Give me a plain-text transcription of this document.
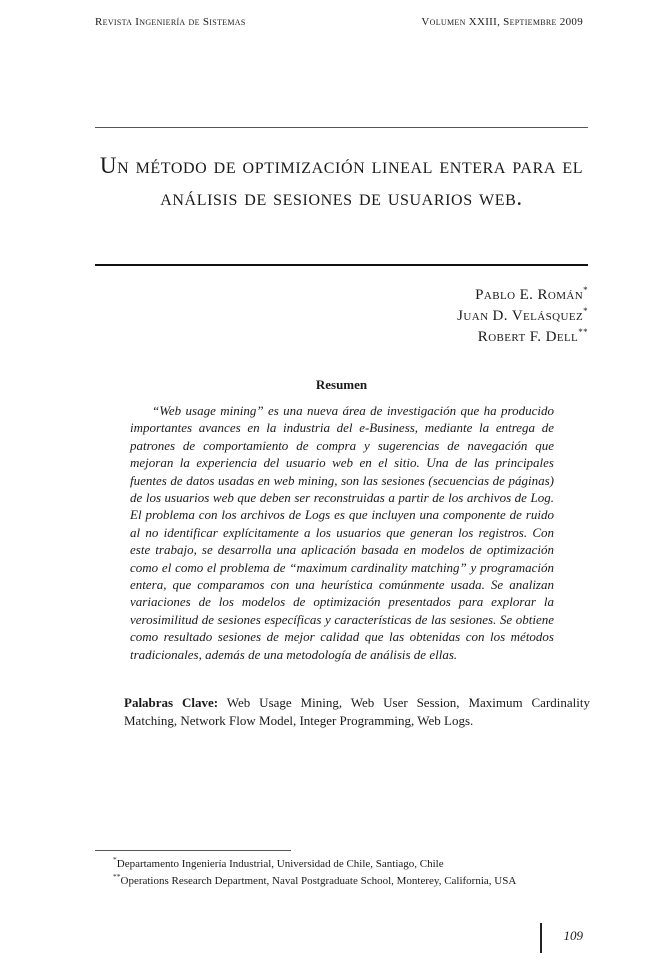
Revista Ingeniería de Sistemas	Volumen XXIII, Septiembre 2009
Un método de optimización lineal entera para el análisis de sesiones de usuarios web.
Pablo E. Román*
Juan D. Velásquez*
Robert F. Dell**
Resumen
“Web usage mining” es una nueva área de investigación que ha producido importantes avances en la industria del e-Business, mediante la entrega de patrones de comportamiento de compra y sugerencias de navegación que mejoran la experiencia del usuario web en el sitio. Una de las principales fuentes de datos usadas en web mining, son las sesiones (secuencias de páginas) de los usuarios web que deben ser reconstruidas a partir de los archivos de Log. El problema con los archivos de Logs es que incluyen una componente de ruido al no identificar explícitamente a los usuarios que generan los registros. Con este trabajo, se desarrolla una aplicación basada en modelos de optimización como el como el problema de “maximum cardinality matching” y programación entera, que comparamos con una heurística comúnmente usada. Se analizan variaciones de los modelos de optimización presentados para explorar la verosimilitud de sesiones específicas y características de las sesiones. Se obtiene como resultado sesiones de mejor calidad que las obtenidas con los métodos tradicionales, además de una metodología de análisis de ellas.
Palabras Clave: Web Usage Mining, Web User Session, Maximum Cardinality Matching, Network Flow Model, Integer Programming, Web Logs.
*Departamento Ingeniería Industrial, Universidad de Chile, Santiago, Chile
**Operations Research Department, Naval Postgraduate School, Monterey, California, USA
109
